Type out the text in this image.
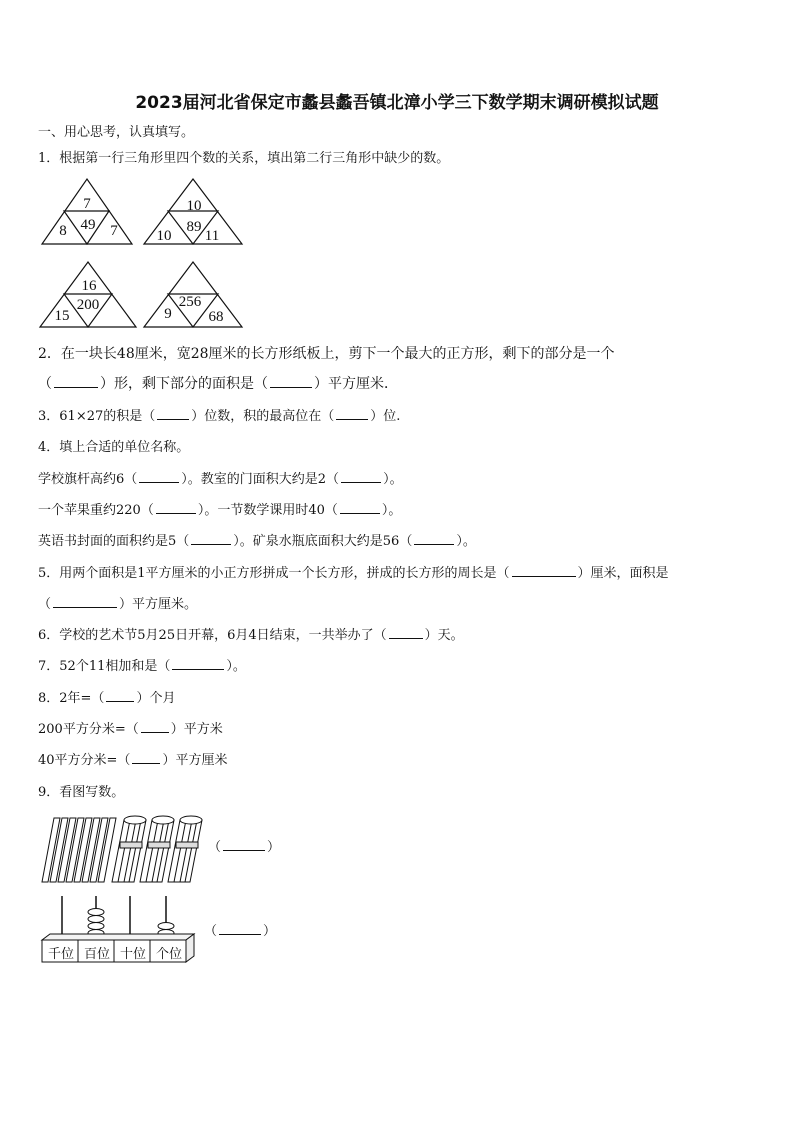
2023届河北省保定市蠡县蠡吾镇北漳小学三下数学期末调研模拟试题
一、用心思考，认真填写。
1．根据第一行三角形里四个数的关系，填出第二行三角形中缺少的数。
7
8 49 7
10
10
89
11
16
15
200
9
256
68
2．在一块长48厘米，宽28厘米的长方形纸板上，剪下一个最大的正方形，剩下的部分是一个
（	）形，剩下部分的面积是（	）平方厘米．
3．61×27的积是（	）位数，积的最高位在（	）位.
4．填上合适的单位名称。
学校旗杆高约6（	）。教室的门面积大约是2（	）。
一个苹果重约220（	）。一节数学课用时40（	）。
英语书封面的面积约是5（	）。矿泉水瓶底面积大约是56（	）。
5．用两个面积是1平方厘米的小正方形拼成一个长方形，拼成的长方形的周长是（	）厘米，面积是
（	）平方厘米。
6．学校的艺术节5月25日开幕，6月4日结束，一共举办了（	）天。
7．52个11相加和是（	）。
8．2年=（ ）个月
200平方分米=（ ）平方米
40平方分米=（ ）平方厘米
9．看图写数。
（	）
千位 百位 十位 个位
（	）
